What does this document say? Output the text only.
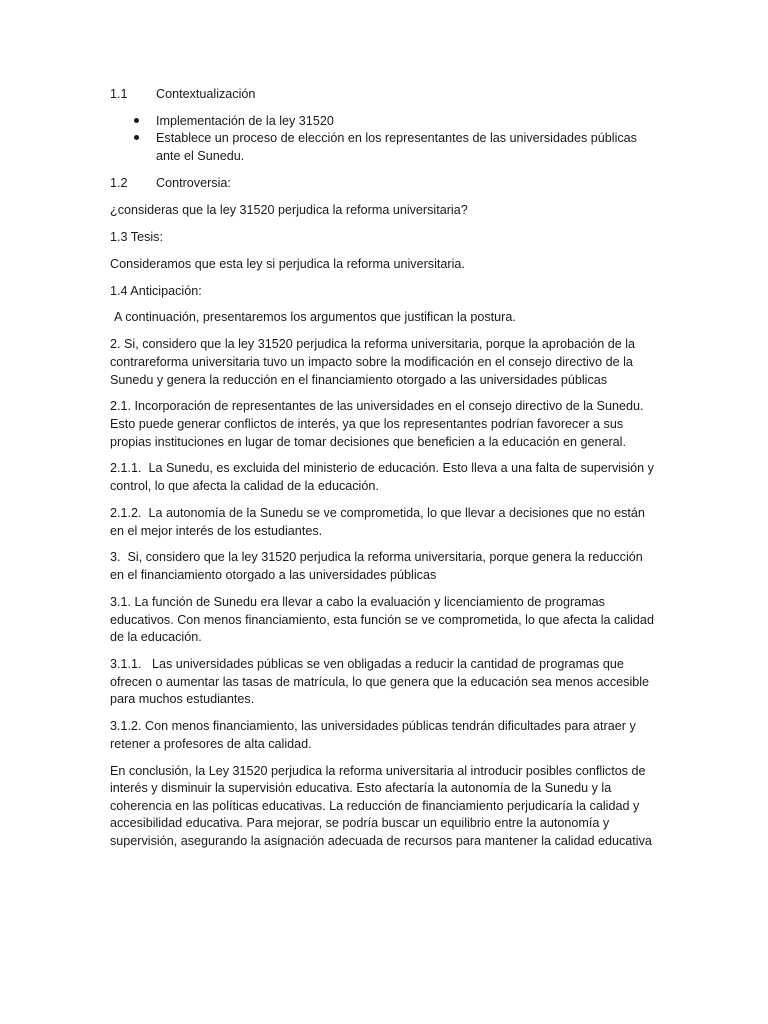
1.1	Contextualización
Implementación de la ley 31520
Establece un proceso de elección en los representantes de las universidades públicas ante el Sunedu.
1.2	Controversia:

¿consideras que la ley 31520 perjudica la reforma universitaria?

1.3 Tesis:

Consideramos que esta ley si perjudica la reforma universitaria.

1.4 Anticipación:

A continuación, presentaremos los argumentos que justifican la postura.

2. Si, considero que la ley 31520 perjudica la reforma universitaria, porque la aprobación de la contrareforma universitaria tuvo un impacto sobre la modificación en el consejo directivo de la Sunedu y genera la reducción en el financiamiento otorgado a las universidades públicas

2.1. Incorporación de representantes de las universidades en el consejo directivo de la Sunedu. Esto puede generar conflictos de interés, ya que los representantes podrían favorecer a sus propias instituciones en lugar de tomar decisiones que beneficien a la educación en general.

2.1.1.  La Sunedu, es excluida del ministerio de educación. Esto lleva a una falta de supervisión y control, lo que afecta la calidad de la educación.

2.1.2.  La autonomía de la Sunedu se ve comprometida, lo que llevar a decisiones que no están en el mejor interés de los estudiantes.

3.  Si, considero que la ley 31520 perjudica la reforma universitaria, porque genera la reducción en el financiamiento otorgado a las universidades públicas

3.1. La función de Sunedu era llevar a cabo la evaluación y licenciamiento de programas educativos. Con menos financiamiento, esta función se ve comprometida, lo que afecta la calidad de la educación.

3.1.1.   Las universidades públicas se ven obligadas a reducir la cantidad de programas que ofrecen o aumentar las tasas de matrícula, lo que genera que la educación sea menos accesible para muchos estudiantes.

3.1.2. Con menos financiamiento, las universidades públicas tendrán dificultades para atraer y retener a profesores de alta calidad.

En conclusión, la Ley 31520 perjudica la reforma universitaria al introducir posibles conflictos de interés y disminuir la supervisión educativa. Esto afectaría la autonomía de la Sunedu y la coherencia en las políticas educativas. La reducción de financiamiento perjudicaría la calidad y accesibilidad educativa. Para mejorar, se podría buscar un equilibrio entre la autonomía y supervisión, asegurando la asignación adecuada de recursos para mantener la calidad educativa
